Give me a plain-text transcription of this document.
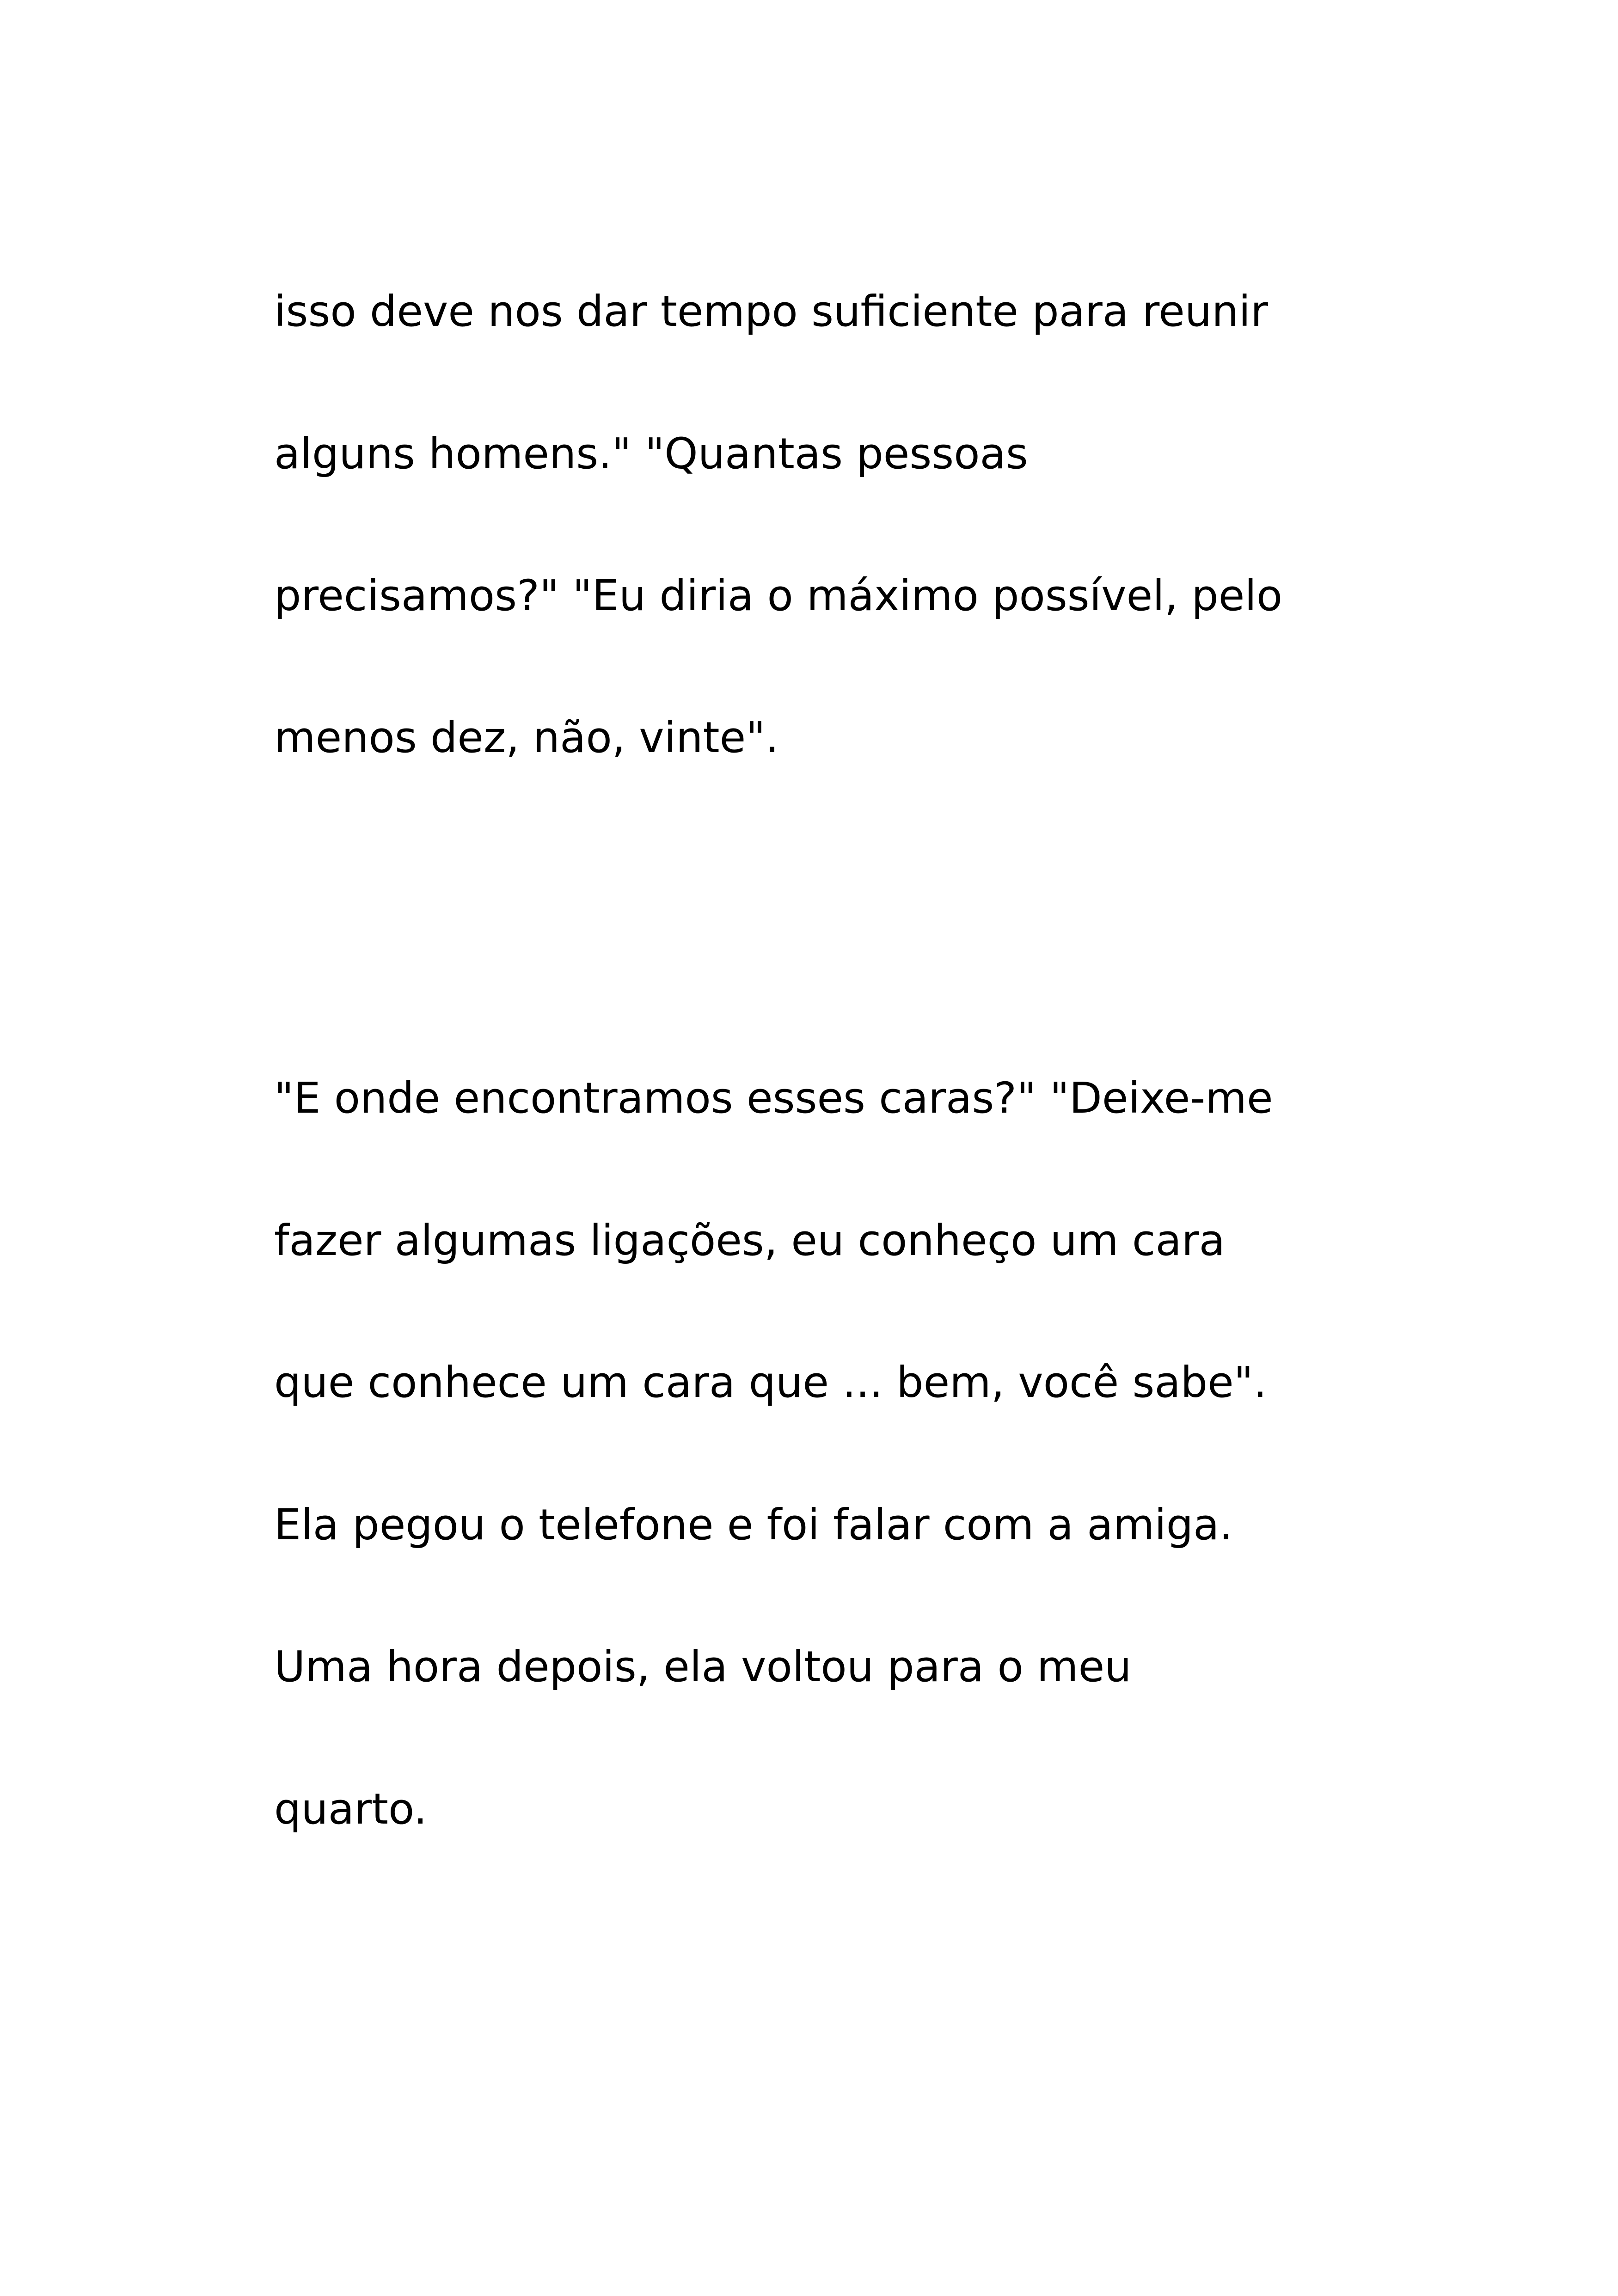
isso deve nos dar tempo suficiente para reunir

alguns homens." "Quantas pessoas

precisamos?" "Eu diria o máximo possível, pelo

menos dez, não, vinte".

"E onde encontramos esses caras?" "Deixe-me

fazer algumas ligações, eu conheço um cara

que conhece um cara que ... bem, você sabe".

Ela pegou o telefone e foi falar com a amiga.

Uma hora depois, ela voltou para o meu

quarto.
